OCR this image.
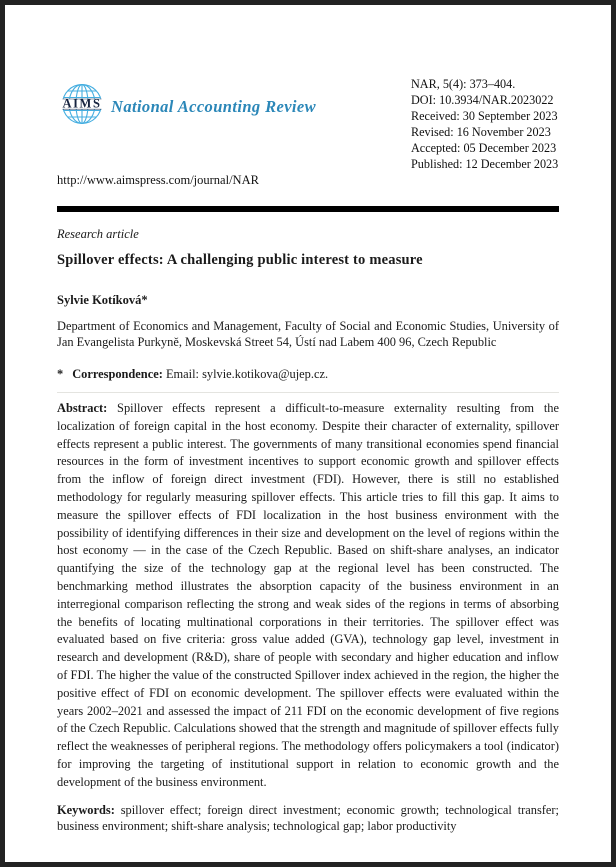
AIMS National Accounting Review
NAR, 5(4): 373–404.
DOI: 10.3934/NAR.2023022
Received: 30 September 2023
Revised: 16 November 2023
Accepted: 05 December 2023
Published: 12 December 2023
http://www.aimspress.com/journal/NAR
Research article
Spillover effects: A challenging public interest to measure
Sylvie Kotíková*

Department of Economics and Management, Faculty of Social and Economic Studies, University of Jan Evangelista Purkyně, Moskevská Street 54, Ústí nad Labem 400 96, Czech Republic

* Correspondence: Email: sylvie.kotikova@ujep.cz.

Abstract: Spillover effects represent a difficult-to-measure externality resulting from the localization of foreign capital in the host economy. Despite their character of externality, spillover effects represent a public interest. The governments of many transitional economies spend financial resources in the form of investment incentives to support economic growth and spillover effects from the inflow of foreign direct investment (FDI). However, there is still no established methodology for regularly measuring spillover effects. This article tries to fill this gap. It aims to measure the spillover effects of FDI localization in the host business environment with the possibility of identifying differences in their size and development on the level of regions within the host economy — in the case of the Czech Republic. Based on shift-share analyses, an indicator quantifying the size of the technology gap at the regional level has been constructed. The benchmarking method illustrates the absorption capacity of the business environment in an interregional comparison reflecting the strong and weak sides of the regions in terms of absorbing the benefits of locating multinational corporations in their territories. The spillover effect was evaluated based on five criteria: gross value added (GVA), technology gap level, investment in research and development (R&D), share of people with secondary and higher education and inflow of FDI. The higher the value of the constructed Spillover index achieved in the region, the higher the positive effect of FDI on economic development. The spillover effects were evaluated within the years 2002–2021 and assessed the impact of 211 FDI on the economic development of five regions of the Czech Republic. Calculations showed that the strength and magnitude of spillover effects fully reflect the weaknesses of peripheral regions. The methodology offers policymakers a tool (indicator) for improving the targeting of institutional support in relation to economic growth and the development of the business environment.

Keywords: spillover effect; foreign direct investment; economic growth; technological transfer; business environment; shift-share analysis; technological gap; labor productivity
